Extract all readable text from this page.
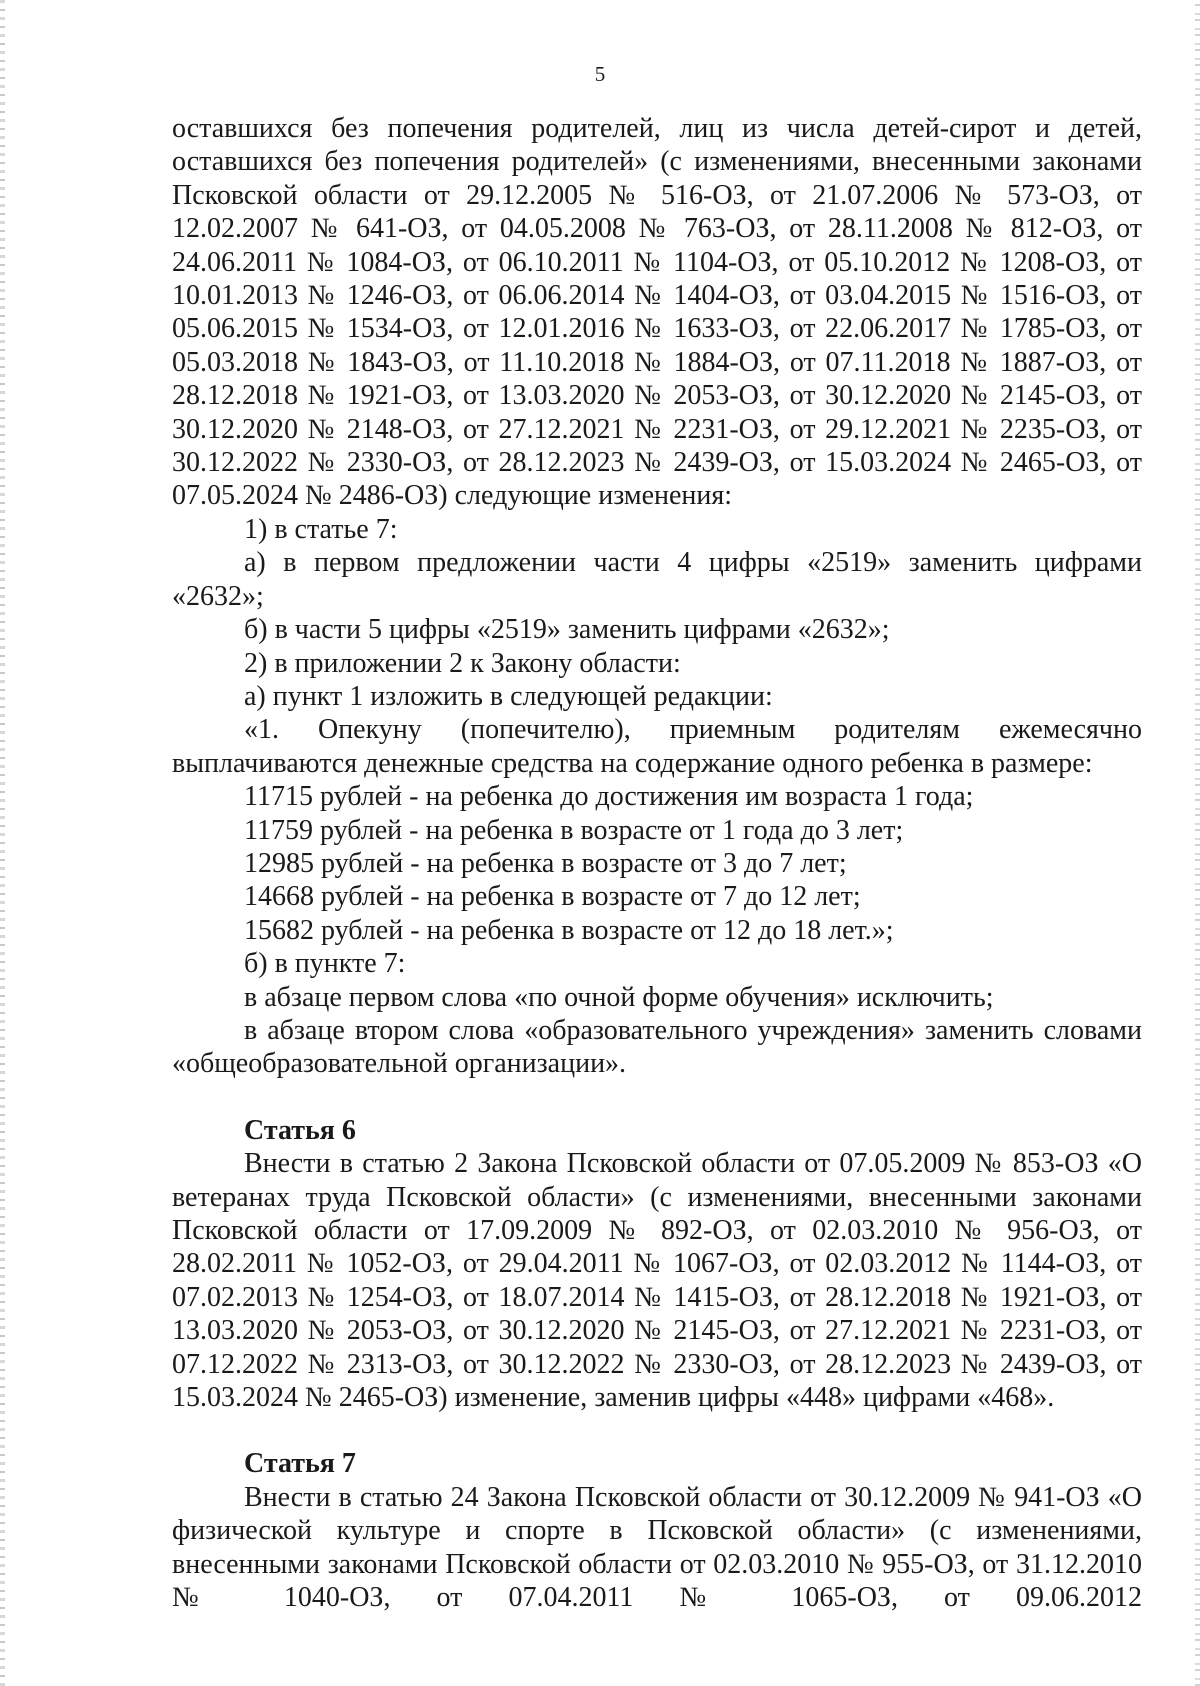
5

оставшихся без попечения родителей, лиц из числа детей-сирот и детей, оставшихся без попечения родителей» (с изменениями, внесенными законами Псковской области от 29.12.2005 № 516-ОЗ, от 21.07.2006 № 573-ОЗ, от 12.02.2007 № 641-ОЗ, от 04.05.2008 № 763-ОЗ, от 28.11.2008 № 812-ОЗ, от 24.06.2011 № 1084-ОЗ, от 06.10.2011 № 1104-ОЗ, от 05.10.2012 № 1208-ОЗ, от 10.01.2013 № 1246-ОЗ, от 06.06.2014 № 1404-ОЗ, от 03.04.2015 № 1516-ОЗ, от 05.06.2015 № 1534-ОЗ, от 12.01.2016 № 1633-ОЗ, от 22.06.2017 № 1785-ОЗ, от 05.03.2018 № 1843-ОЗ, от 11.10.2018 № 1884-ОЗ, от 07.11.2018 № 1887-ОЗ, от 28.12.2018 № 1921-ОЗ, от 13.03.2020 № 2053-ОЗ, от 30.12.2020 № 2145-ОЗ, от 30.12.2020 № 2148-ОЗ, от 27.12.2021 № 2231-ОЗ, от 29.12.2021 № 2235-ОЗ, от 30.12.2022 № 2330-ОЗ, от 28.12.2023 № 2439-ОЗ, от 15.03.2024 № 2465-ОЗ, от 07.05.2024 № 2486-ОЗ) следующие изменения:

1) в статье 7:

а) в первом предложении части 4 цифры «2519» заменить цифрами «2632»;

б) в части 5 цифры «2519» заменить цифрами «2632»;

2) в приложении 2 к Закону области:

а) пункт 1 изложить в следующей редакции:

«1. Опекуну (попечителю), приемным родителям ежемесячно выплачиваются денежные средства на содержание одного ребенка в размере:

11715 рублей - на ребенка до достижения им возраста 1 года;

11759 рублей - на ребенка в возрасте от 1 года до 3 лет;

12985 рублей - на ребенка в возрасте от 3 до 7 лет;

14668 рублей - на ребенка в возрасте от 7 до 12 лет;

15682 рублей - на ребенка в возрасте от 12 до 18 лет.»;

б) в пункте 7:

в абзаце первом слова «по очной форме обучения» исключить;

в абзаце втором слова «образовательного учреждения» заменить словами «общеобразовательной организации».

Статья 6

Внести в статью 2 Закона Псковской области от 07.05.2009 № 853-ОЗ «О ветеранах труда Псковской области» (с изменениями, внесенными законами Псковской области от 17.09.2009 № 892-ОЗ, от 02.03.2010 № 956-ОЗ, от 28.02.2011 № 1052-ОЗ, от 29.04.2011 № 1067-ОЗ, от 02.03.2012 № 1144-ОЗ, от 07.02.2013 № 1254-ОЗ, от 18.07.2014 № 1415-ОЗ, от 28.12.2018 № 1921-ОЗ, от 13.03.2020 № 2053-ОЗ, от 30.12.2020 № 2145-ОЗ, от 27.12.2021 № 2231-ОЗ, от 07.12.2022 № 2313-ОЗ, от 30.12.2022 № 2330-ОЗ, от 28.12.2023 № 2439-ОЗ, от 15.03.2024 № 2465-ОЗ) изменение, заменив цифры «448» цифрами «468».

Статья 7

Внести в статью 24 Закона Псковской области от 30.12.2009 № 941-ОЗ «О физической культуре и спорте в Псковской области» (с изменениями, внесенными законами Псковской области от 02.03.2010 № 955-ОЗ, от 31.12.2010 № 1040-ОЗ, от 07.04.2011 № 1065-ОЗ, от 09.06.2012
